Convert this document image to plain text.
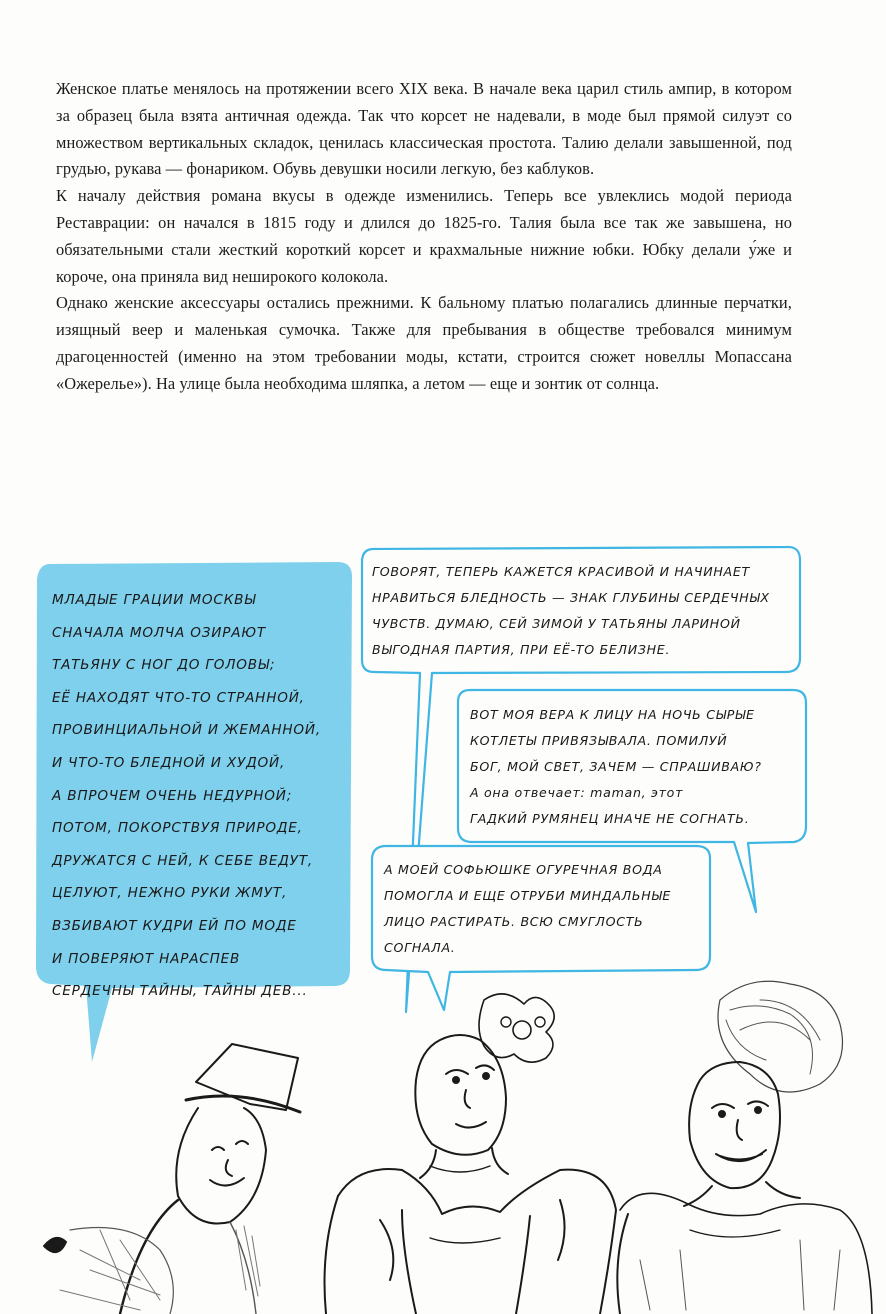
Женское платье менялось на протяжении всего XIX века. В начале века царил стиль ампир, в котором за образец была взята античная одежда. Так что корсет не надевали, в моде был прямой силуэт со множеством вертикальных складок, ценилась классическая простота. Талию делали завышенной, под грудью, рукава — фонариком. Обувь девушки носили легкую, без каблуков.

К началу действия романа вкусы в одежде изменились. Теперь все увлеклись модой периода Реставрации: он начался в 1815 году и длился до 1825-го. Талия была все так же завышена, но обязательными стали жесткий короткий корсет и крахмальные нижние юбки. Юбку делали у́же и короче, она приняла вид неширокого колокола.

Однако женские аксессуары остались прежними. К бальному платью полагались длинные перчатки, изящный веер и маленькая сумочка. Также для пребывания в обществе требовался минимум драгоценностей (именно на этом требовании моды, кстати, строится сюжет новеллы Мопассана «Ожерелье»). На улице была необходима шляпка, а летом — еще и зонтик от солнца.

МЛАДЫЕ ГРАЦИИ МОСКВЫ
СНАЧАЛА МОЛЧА ОЗИРАЮТ
ТАТЬЯНУ С НОГ ДО ГОЛОВЫ;
ЕЁ НАХОДЯТ ЧТО-ТО СТРАННОЙ,
ПРОВИНЦИАЛЬНОЙ И ЖЕМАННОЙ,
И ЧТО-ТО БЛЕДНОЙ И ХУДОЙ,
А ВПРОЧЕМ ОЧЕНЬ НЕДУРНОЙ;
ПОТОМ, ПОКОРСТВУЯ ПРИРОДЕ,
ДРУЖАТСЯ С НЕЙ, К СЕБЕ ВЕДУТ,
ЦЕЛУЮТ, НЕЖНО РУКИ ЖМУТ,
ВЗБИВАЮТ КУДРИ ЕЙ ПО МОДЕ
И ПОВЕРЯЮТ НАРАСПЕВ
СЕРДЕЧНЫ ТАЙНЫ, ТАЙНЫ ДЕВ...
ГОВОРЯТ, ТЕПЕРЬ КАЖЕТСЯ КРАСИВОЙ И НАЧИНАЕТ
НРАВИТЬСЯ БЛЕДНОСТЬ — ЗНАК ГЛУБИНЫ СЕРДЕЧНЫХ
ЧУВСТВ. ДУМАЮ, СЕЙ ЗИМОЙ У ТАТЬЯНЫ ЛАРИНОЙ
ВЫГОДНАЯ ПАРТИЯ, ПРИ ЕЁ-ТО БЕЛИЗНЕ.
ВОТ МОЯ ВЕРА К ЛИЦУ НА НОЧЬ СЫРЫЕ
КОТЛЕТЫ ПРИВЯЗЫВАЛА. ПОМИЛУЙ
БОГ, МОЙ СВЕТ, ЗАЧЕМ — СПРАШИВАЮ?
А она отвечает: maman, этот
ГАДКИЙ РУМЯНЕЦ ИНАЧЕ НЕ СОГНАТЬ.
А МОЕЙ СОФЬЮШКЕ ОГУРЕЧНАЯ ВОДА
ПОМОГЛА И ЕЩЕ ОТРУБИ МИНДАЛЬНЫЕ
ЛИЦО РАСТИРАТЬ. ВСЮ СМУГЛОСТЬ
СОГНАЛА.
